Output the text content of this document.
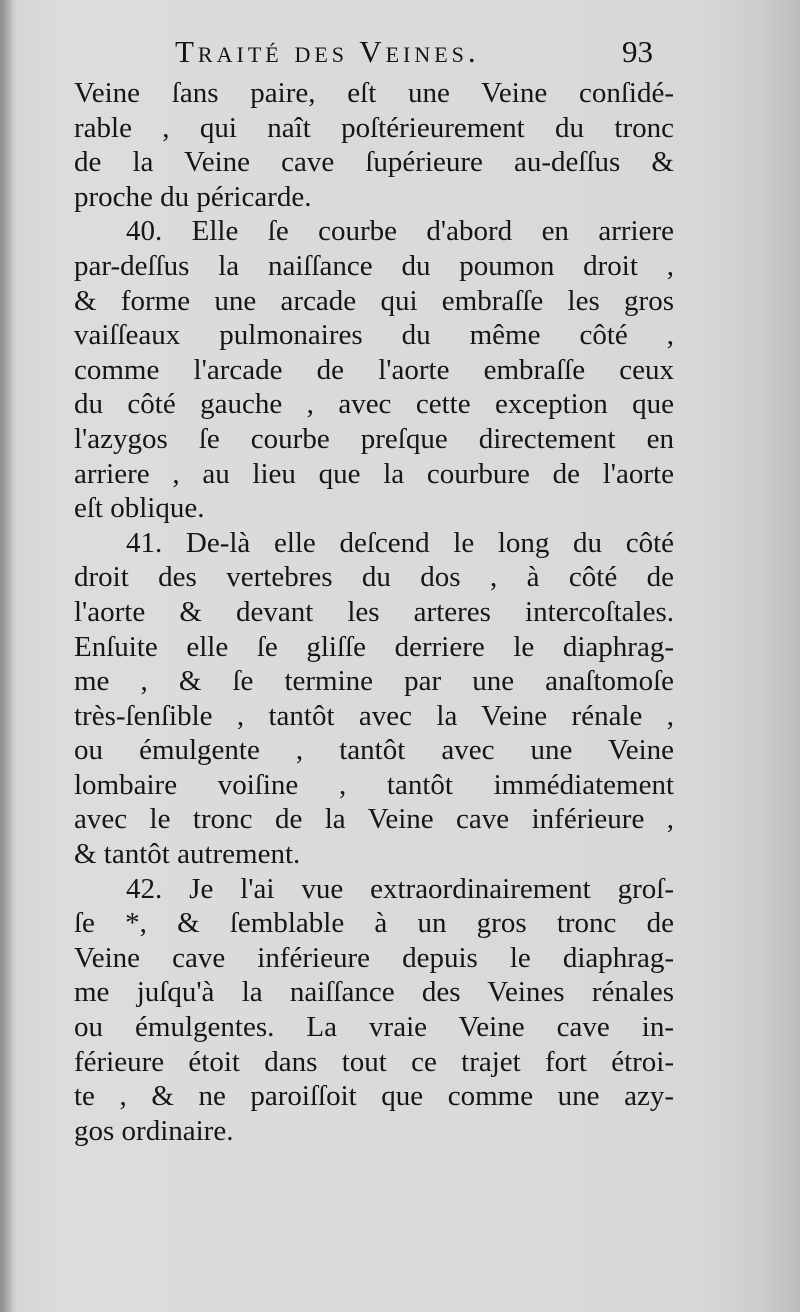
Traité des Veines.	93
Veine ſans paire, eſt une Veine conſidé-
rable , qui naît poſtérieurement du tronc
de la Veine cave ſupérieure au-deſſus &
proche du péricarde.
40. Elle ſe courbe d'abord en arriere
par-deſſus la naiſſance du poumon droit ,
& forme une arcade qui embraſſe les gros
vaiſſeaux pulmonaires du même côté ,
comme l'arcade de l'aorte embraſſe ceux
du côté gauche , avec cette exception que
l'azygos ſe courbe preſque directement en
arriere , au lieu que la courbure de l'aorte
eſt oblique.
41. De-là elle deſcend le long du côté
droit des vertebres du dos , à côté de
l'aorte & devant les arteres intercoſtales.
Enſuite elle ſe gliſſe derriere le diaphrag-
me , & ſe termine par une anaſtomoſe
très-ſenſible , tantôt avec la Veine rénale ,
ou émulgente , tantôt avec une Veine
lombaire voiſine , tantôt immédiatement
avec le tronc de la Veine cave inférieure ,
& tantôt autrement.
42. Je l'ai vue extraordinairement groſ-
ſe *, & ſemblable à un gros tronc de
Veine cave inférieure depuis le diaphrag-
me juſqu'à la naiſſance des Veines rénales
ou émulgentes. La vraie Veine cave in-
férieure étoit dans tout ce trajet fort étroi-
te , & ne paroiſſoit que comme une azy-
gos ordinaire.
